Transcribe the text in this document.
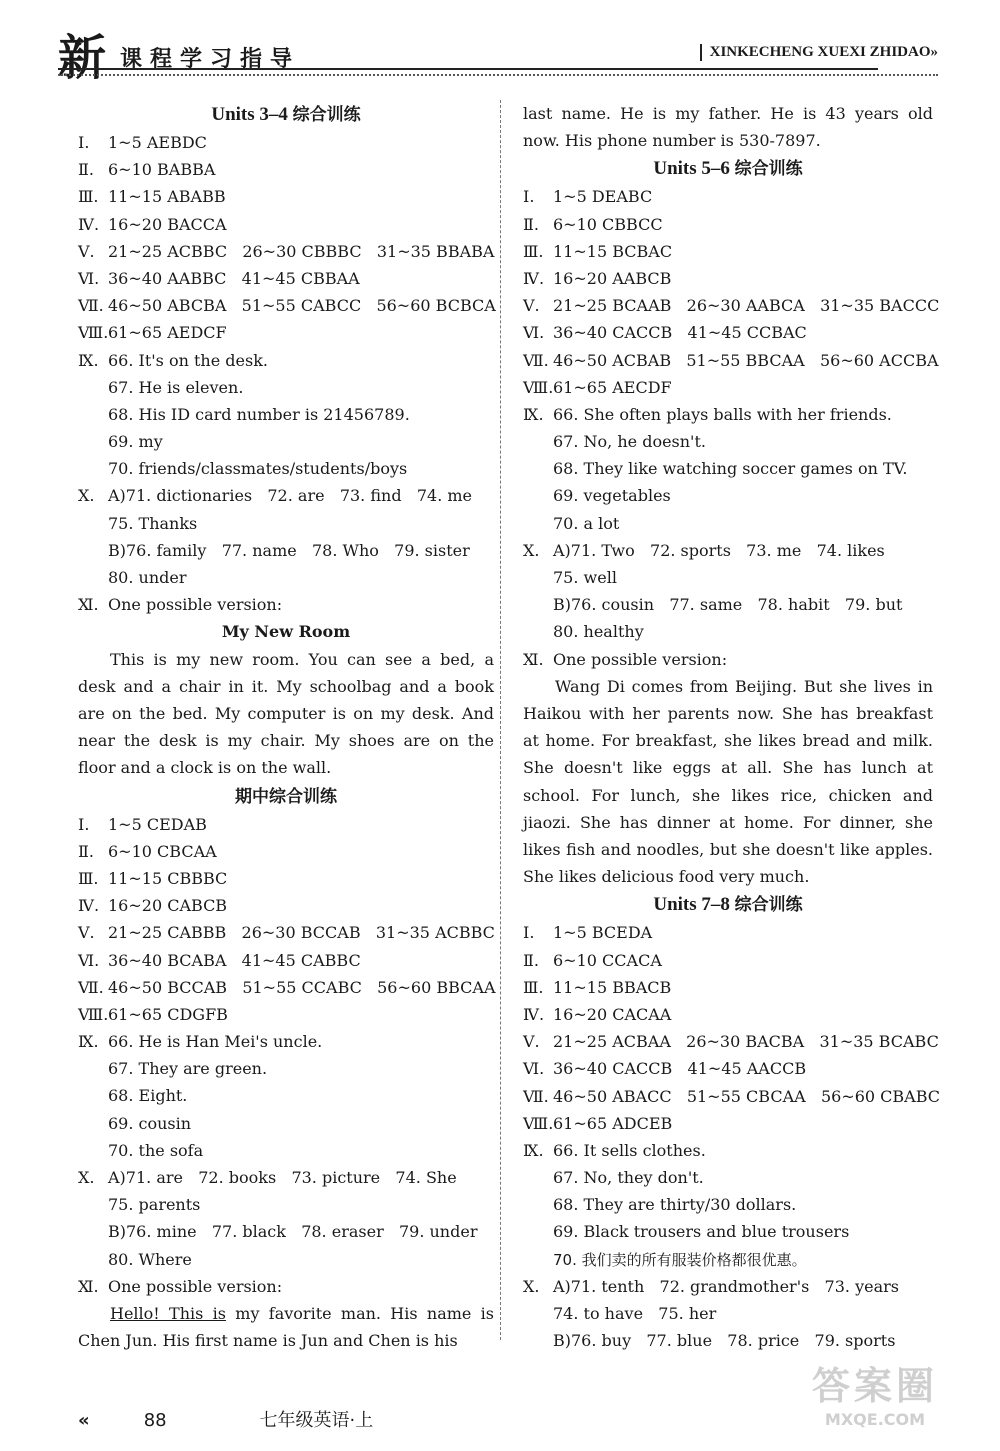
新 课程学习指导	XINKECHENG XUEXI ZHIDAO»
Units 3–4 综合训练
Ⅰ. 1~5 AEBDC
Ⅱ. 6~10 BABBA
Ⅲ. 11~15 ABABB
Ⅳ. 16~20 BACCA
Ⅴ. 21~25 ACBBC   26~30 CBBBC   31~35 BBABA
Ⅵ. 36~40 AABBC   41~45 CBBAA
Ⅶ. 46~50 ABCBA   51~55 CABCC   56~60 BCBCA
Ⅷ.61~65 AEDCF
Ⅸ. 66. It's on the desk.
67. He is eleven.
68. His ID card number is 21456789.
69. my
70. friends/classmates/students/boys
Ⅹ. A)71. dictionaries   72. are   73. find   74. me
75. Thanks
B)76. family   77. name   78. Who   79. sister
80. under
Ⅺ. One possible version:
My New Room
This is my new room. You can see a bed, a desk and a chair in it. My schoolbag and a book are on the bed. My computer is on my desk. And near the desk is my chair. My shoes are on the floor and a clock is on the wall.
期中综合训练
Ⅰ. 1~5 CEDAB
Ⅱ. 6~10 CBCAA
Ⅲ. 11~15 CBBBC
Ⅳ. 16~20 CABCB
Ⅴ. 21~25 CABBB   26~30 BCCAB   31~35 ACBBC
Ⅵ. 36~40 BCABA   41~45 CABBC
Ⅶ. 46~50 BCCAB   51~55 CCABC   56~60 BBCAA
Ⅷ.61~65 CDGFB
Ⅸ. 66. He is Han Mei's uncle.
67. They are green.
68. Eight.
69. cousin
70. the sofa
Ⅹ. A)71. are   72. books   73. picture   74. She
75. parents
B)76. mine   77. black   78. eraser   79. under
80. Where
Ⅺ. One possible version:
Hello! This is my favorite man. His name is Chen Jun. His first name is Jun and Chen is his
last name. He is my father. He is 43 years old now. His phone number is 530-7897.
Units 5–6 综合训练
Ⅰ. 1~5 DEABC
Ⅱ. 6~10 CBBCC
Ⅲ. 11~15 BCBAC
Ⅳ. 16~20 AABCB
Ⅴ. 21~25 BCAAB   26~30 AABCA   31~35 BACCC
Ⅵ. 36~40 CACCB   41~45 CCBAC
Ⅶ. 46~50 ACBAB   51~55 BBCAA   56~60 ACCBA
Ⅷ.61~65 AECDF
Ⅸ. 66. She often plays balls with her friends.
67. No, he doesn't.
68. They like watching soccer games on TV.
69. vegetables
70. a lot
Ⅹ. A)71. Two   72. sports   73. me   74. likes
75. well
B)76. cousin   77. same   78. habit   79. but
80. healthy
Ⅺ. One possible version:
Wang Di comes from Beijing. But she lives in Haikou with her parents now. She has breakfast at home. For breakfast, she likes bread and milk. She doesn't like eggs at all. She has lunch at school. For lunch, she likes rice, chicken and jiaozi. She has dinner at home. For dinner, she likes fish and noodles, but she doesn't like apples. She likes delicious food very much.
Units 7–8 综合训练
Ⅰ. 1~5 BCEDA
Ⅱ. 6~10 CCACA
Ⅲ. 11~15 BBACB
Ⅳ. 16~20 CACAA
Ⅴ. 21~25 ACBAA   26~30 BACBA   31~35 BCABC
Ⅵ. 36~40 CACCB   41~45 AACCB
Ⅶ. 46~50 ABACC   51~55 CBCAA   56~60 CBABC
Ⅷ.61~65 ADCEB
Ⅸ. 66. It sells clothes.
67. No, they don't.
68. They are thirty/30 dollars.
69. Black trousers and blue trousers
70. 我们卖的所有服装价格都很优惠。
Ⅹ. A)71. tenth   72. grandmother's   73. years
74. to have   75. her
B)76. buy   77. blue   78. price   79. sports
«	88	七年级英语·上
答案圈
MXQE.COM
